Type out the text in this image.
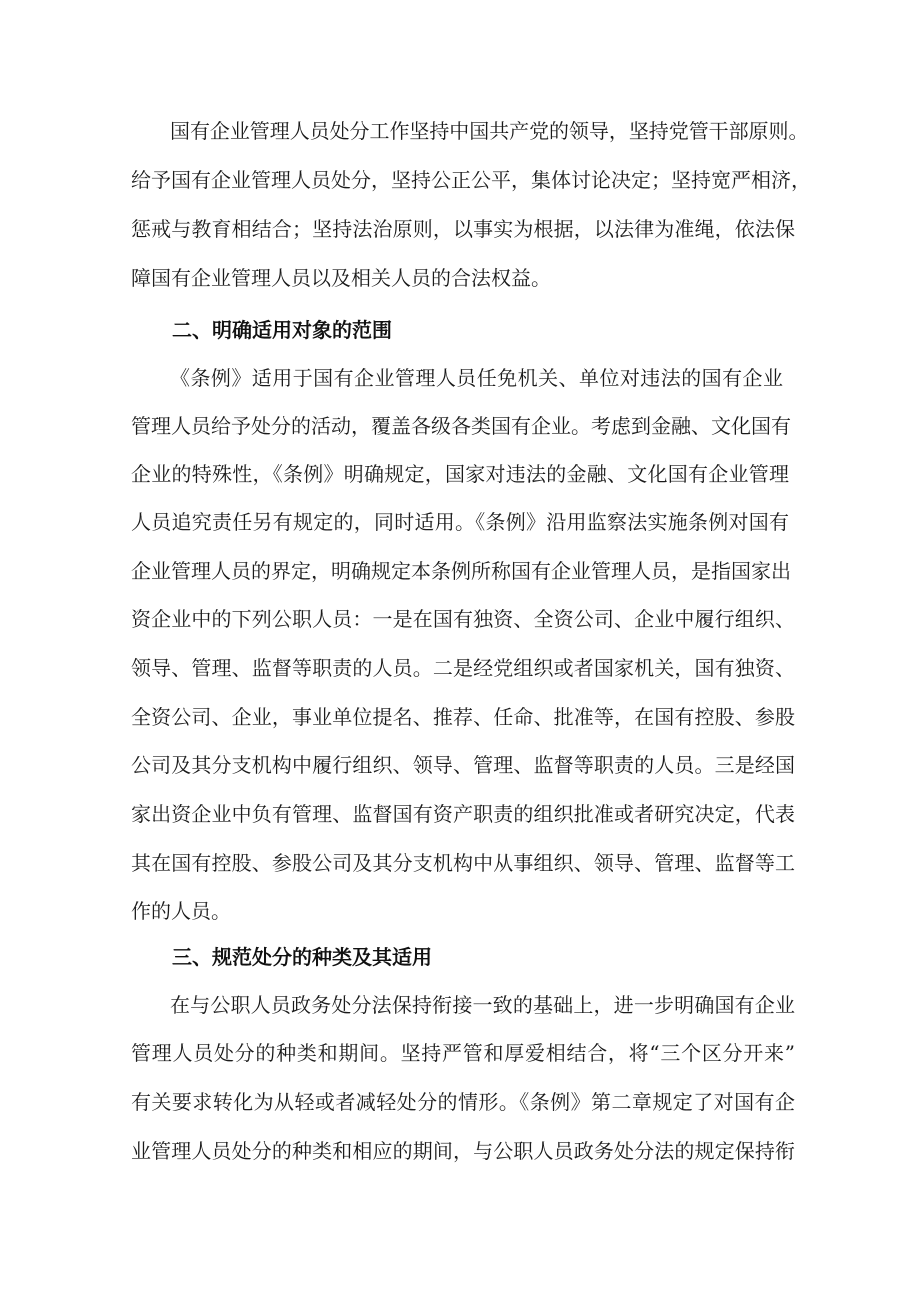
国有企业管理人员处分工作坚持中国共产党的领导，坚持党管干部原则。
给予国有企业管理人员处分，坚持公正公平，集体讨论决定；坚持宽严相济，
惩戒与教育相结合；坚持法治原则，以事实为根据，以法律为准绳，依法保
障国有企业管理人员以及相关人员的合法权益。
二、明确适用对象的范围
《条例》适用于国有企业管理人员任免机关、单位对违法的国有企业
管理人员给予处分的活动，覆盖各级各类国有企业。考虑到金融、文化国有
企业的特殊性，《条例》明确规定，国家对违法的金融、文化国有企业管理
人员追究责任另有规定的，同时适用。《条例》沿用监察法实施条例对国有
企业管理人员的界定，明确规定本条例所称国有企业管理人员，是指国家出
资企业中的下列公职人员：一是在国有独资、全资公司、企业中履行组织、
领导、管理、监督等职责的人员。二是经党组织或者国家机关，国有独资、
全资公司、企业，事业单位提名、推荐、任命、批准等，在国有控股、参股
公司及其分支机构中履行组织、领导、管理、监督等职责的人员。三是经国
家出资企业中负有管理、监督国有资产职责的组织批准或者研究决定，代表
其在国有控股、参股公司及其分支机构中从事组织、领导、管理、监督等工
作的人员。
三、规范处分的种类及其适用
在与公职人员政务处分法保持衔接一致的基础上，进一步明确国有企业
管理人员处分的种类和期间。坚持严管和厚爱相结合，将“三个区分开来”
有关要求转化为从轻或者减轻处分的情形。《条例》第二章规定了对国有企
业管理人员处分的种类和相应的期间，与公职人员政务处分法的规定保持衔
